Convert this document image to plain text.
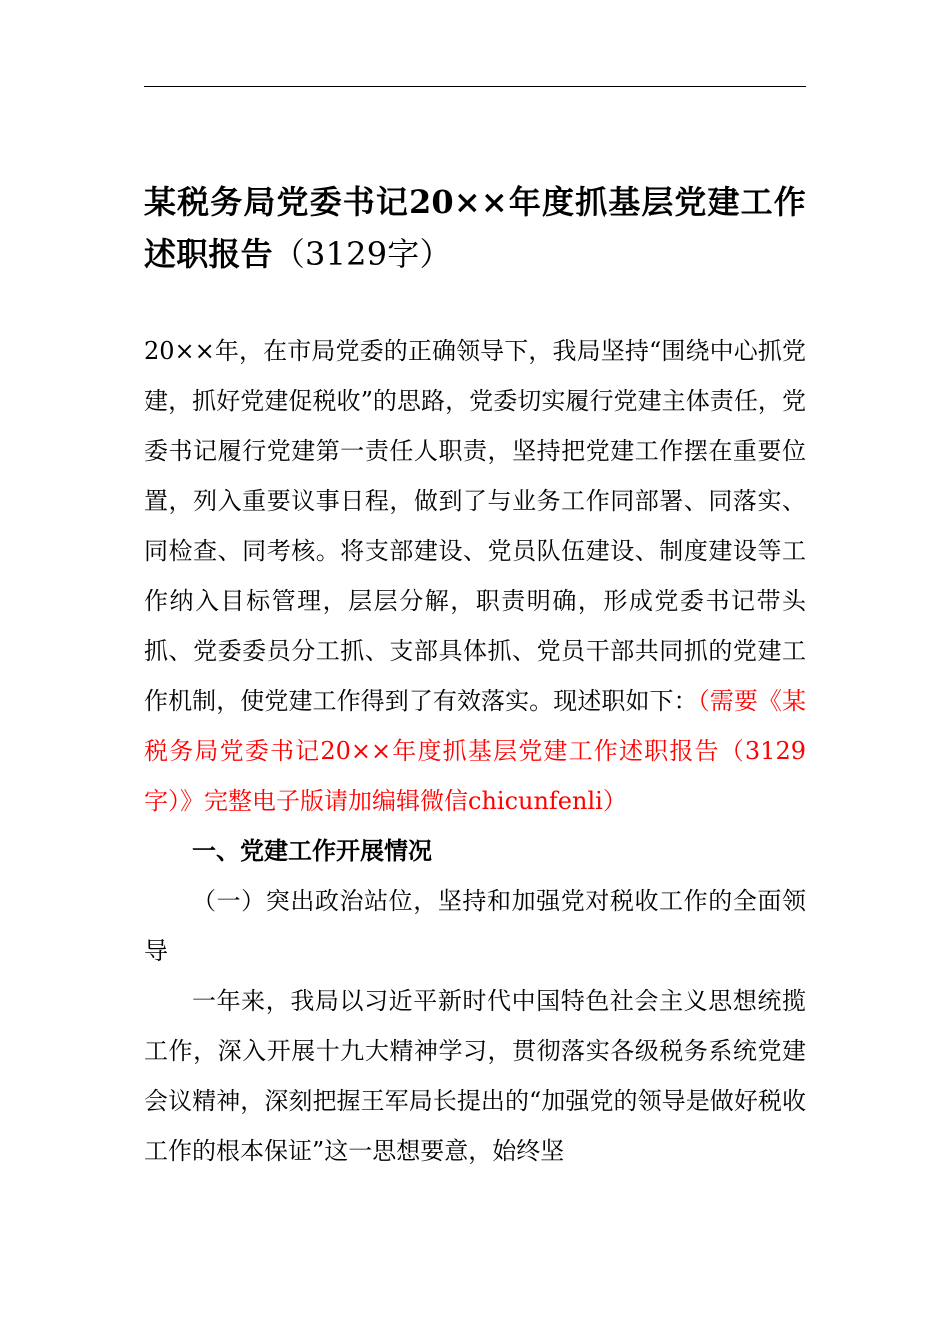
某税务局党委书记20××年度抓基层党建工作述职报告（3129字）

20××年，在市局党委的正确领导下，我局坚持“围绕中心抓党建，抓好党建促税收”的思路，党委切实履行党建主体责任，党委书记履行党建第一责任人职责，坚持把党建工作摆在重要位置，列入重要议事日程，做到了与业务工作同部署、同落实、同检查、同考核。将支部建设、党员队伍建设、制度建设等工作纳入目标管理，层层分解，职责明确，形成党委书记带头抓、党委委员分工抓、支部具体抓、党员干部共同抓的党建工作机制，使党建工作得到了有效落实。现述职如下：（需要《某税务局党委书记20××年度抓基层党建工作述职报告（3129字）》完整电子版请加编辑微信chicunfenli）

一、党建工作开展情况

（一）突出政治站位，坚持和加强党对税收工作的全面领导

一年来，我局以习近平新时代中国特色社会主义思想统揽工作，深入开展十九大精神学习，贯彻落实各级税务系统党建会议精神，深刻把握王军局长提出的“加强党的领导是做好税收工作的根本保证”这一思想要意，始终坚
